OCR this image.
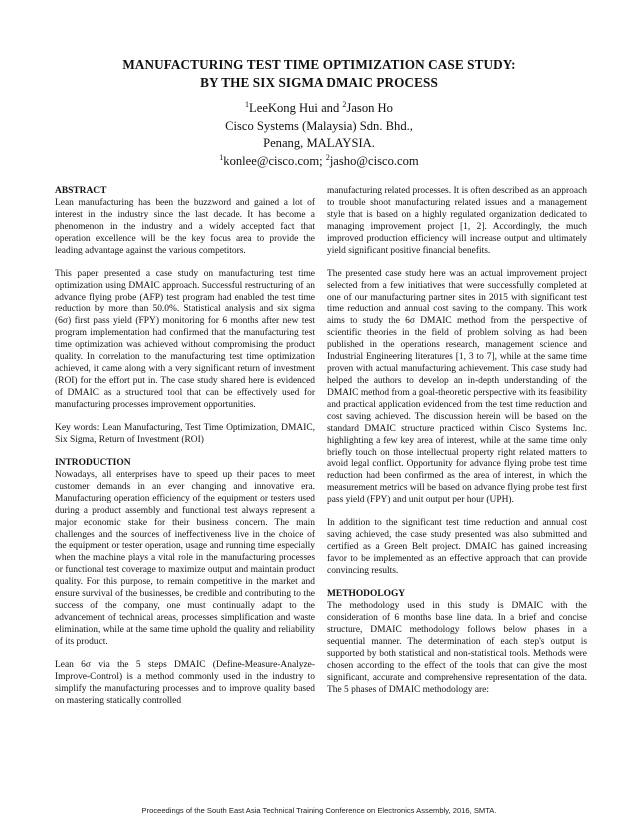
MANUFACTURING TEST TIME OPTIMIZATION CASE STUDY:
BY THE SIX SIGMA DMAIC PROCESS
$^1$LeeKong Hui and $^2$Jason Ho
Cisco Systems (Malaysia) Sdn. Bhd.,
Penang, MALAYSIA.
$^1$konlee@cisco.com; $^2$jasho@cisco.com
ABSTRACT

Lean manufacturing has been the buzzword and gained a lot of interest in the industry since the last decade. It has become a phenomenon in the industry and a widely accepted fact that operation excellence will be the key focus area to provide the leading advantage against the various competitors.

This paper presented a case study on manufacturing test time optimization using DMAIC approach. Successful restructuring of an advance flying probe (AFP) test program had enabled the test time reduction by more than 50.0%. Statistical analysis and six sigma (6σ) first pass yield (FPY) monitoring for 6 months after new test program implementation had confirmed that the manufacturing test time optimization was achieved without compromising the product quality. In correlation to the manufacturing test time optimization achieved, it came along with a very significant return of investment (ROI) for the effort put in. The case study shared here is evidenced of DMAIC as a structured tool that can be effectively used for manufacturing processes improvement opportunities.

Key words: Lean Manufacturing, Test Time Optimization, DMAIC, Six Sigma, Return of Investment (ROI)

INTRODUCTION

Nowadays, all enterprises have to speed up their paces to meet customer demands in an ever changing and innovative era. Manufacturing operation efficiency of the equipment or testers used during a product assembly and functional test always represent a major economic stake for their business concern. The main challenges and the sources of ineffectiveness live in the choice of the equipment or tester operation, usage and running time especially when the machine plays a vital role in the manufacturing processes or functional test coverage to maximize output and maintain product quality. For this purpose, to remain competitive in the market and ensure survival of the businesses, be credible and contributing to the success of the company, one must continually adapt to the advancement of technical areas, processes simplification and waste elimination, while at the same time uphold the quality and reliability of its product.

Lean 6σ via the 5 steps DMAIC (Define-Measure-Analyze-Improve-Control) is a method commonly used in the industry to simplify the manufacturing processes and to improve quality based on mastering statically controlled

manufacturing related processes. It is often described as an approach to trouble shoot manufacturing related issues and a management style that is based on a highly regulated organization dedicated to managing improvement project [1, 2]. Accordingly, the much improved production efficiency will increase output and ultimately yield significant positive financial benefits.

The presented case study here was an actual improvement project selected from a few initiatives that were successfully completed at one of our manufacturing partner sites in 2015 with significant test time reduction and annual cost saving to the company. This work aims to study the 6σ DMAIC method from the perspective of scientific theories in the field of problem solving as had been published in the operations research, management science and Industrial Engineering literatures [1, 3 to 7], while at the same time proven with actual manufacturing achievement. This case study had helped the authors to develop an in-depth understanding of the DMAIC method from a goal-theoretic perspective with its feasibility and practical application evidenced from the test time reduction and cost saving achieved. The discussion herein will be based on the standard DMAIC structure practiced within Cisco Systems Inc. highlighting a few key area of interest, while at the same time only briefly touch on those intellectual property right related matters to avoid legal conflict. Opportunity for advance flying probe test time reduction had been confirmed as the area of interest, in which the measurement metrics will be based on advance flying probe test first pass yield (FPY) and unit output per hour (UPH).

In addition to the significant test time reduction and annual cost saving achieved, the case study presented was also submitted and certified as a Green Belt project. DMAIC has gained increasing favor to be implemented as an effective approach that can provide convincing results.

METHODOLOGY

The methodology used in this study is DMAIC with the consideration of 6 months base line data. In a brief and concise structure, DMAIC methodology follows below phases in a sequential manner. The determination of each step's output is supported by both statistical and non-statistical tools. Methods were chosen according to the effect of the tools that can give the most significant, accurate and comprehensive representation of the data. The 5 phases of DMAIC methodology are:

Proceedings of the South East Asia Technical Training Conference on Electronics Assembly, 2016, SMTA.
